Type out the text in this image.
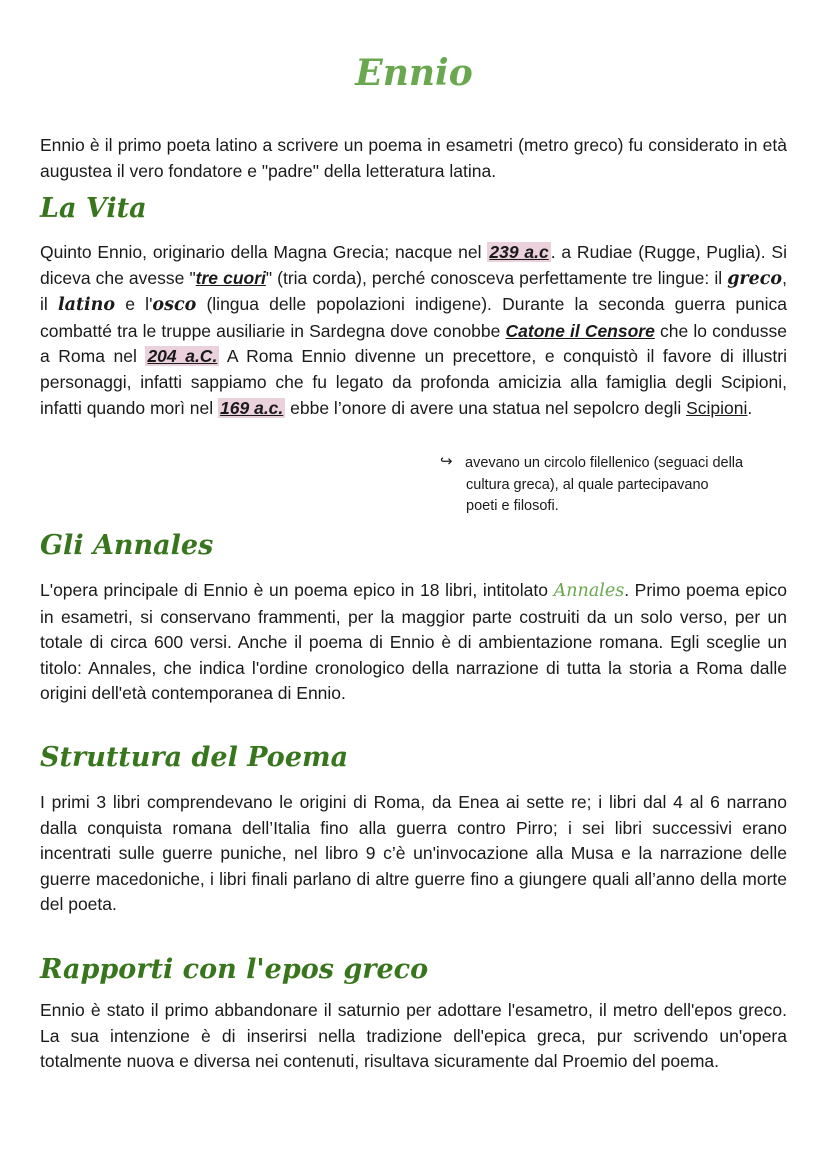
Ennio

Ennio è il primo poeta latino a scrivere un poema in esametri (metro greco) fu considerato in età augustea il vero fondatore e "padre" della letteratura latina.

La Vita

Quinto Ennio, originario della Magna Grecia; nacque nel 239 a.c . a Rudiae (Rugge, Puglia). Si diceva che avesse "tre cuori" (tria corda), perché conosceva perfettamente tre lingue: il greco, il latino e l'osco (lingua delle popolazioni indigene). Durante la seconda guerra punica combatté tra le truppe ausiliarie in Sardegna dove conobbe Catone il Censore che lo condusse a Roma nel 204 a.C. A Roma Ennio divenne un precettore, e conquistò il favore di illustri personaggi, infatti sappiamo che fu legato da profonda amicizia alla famiglia degli Scipioni, infatti quando morì nel 169 a.c. ebbe l’onore di avere una statua nel sepolcro degli Scipioni.

↪ avevano un circolo filellenico (seguaci della
cultura greca), al quale partecipavano
poeti e filosofi.
Gli Annales

L'opera principale di Ennio è un poema epico in 18 libri, intitolato Annales. Primo poema epico in esametri, si conservano frammenti, per la maggior parte costruiti da un solo verso, per un totale di circa 600 versi. Anche il poema di Ennio è di ambientazione romana. Egli sceglie un titolo: Annales, che indica l'ordine cronologico della narrazione di tutta la storia a Roma dalle origini dell'età contemporanea di Ennio.

Struttura del Poema

I primi 3 libri comprendevano le origini di Roma, da Enea ai sette re; i libri dal 4 al 6 narrano dalla conquista romana dell’Italia fino alla guerra contro Pirro; i sei libri successivi erano incentrati sulle guerre puniche, nel libro 9 c’è un'invocazione alla Musa e la narrazione delle guerre macedoniche, i libri finali parlano di altre guerre fino a giungere quali all’anno della morte del poeta.

Rapporti con l'epos greco

Ennio è stato il primo abbandonare il saturnio per adottare l'esametro, il metro dell'epos greco. La sua intenzione è di inserirsi nella tradizione dell'epica greca, pur scrivendo un'opera totalmente nuova e diversa nei contenuti, risultava sicuramente dal Proemio del poema.
